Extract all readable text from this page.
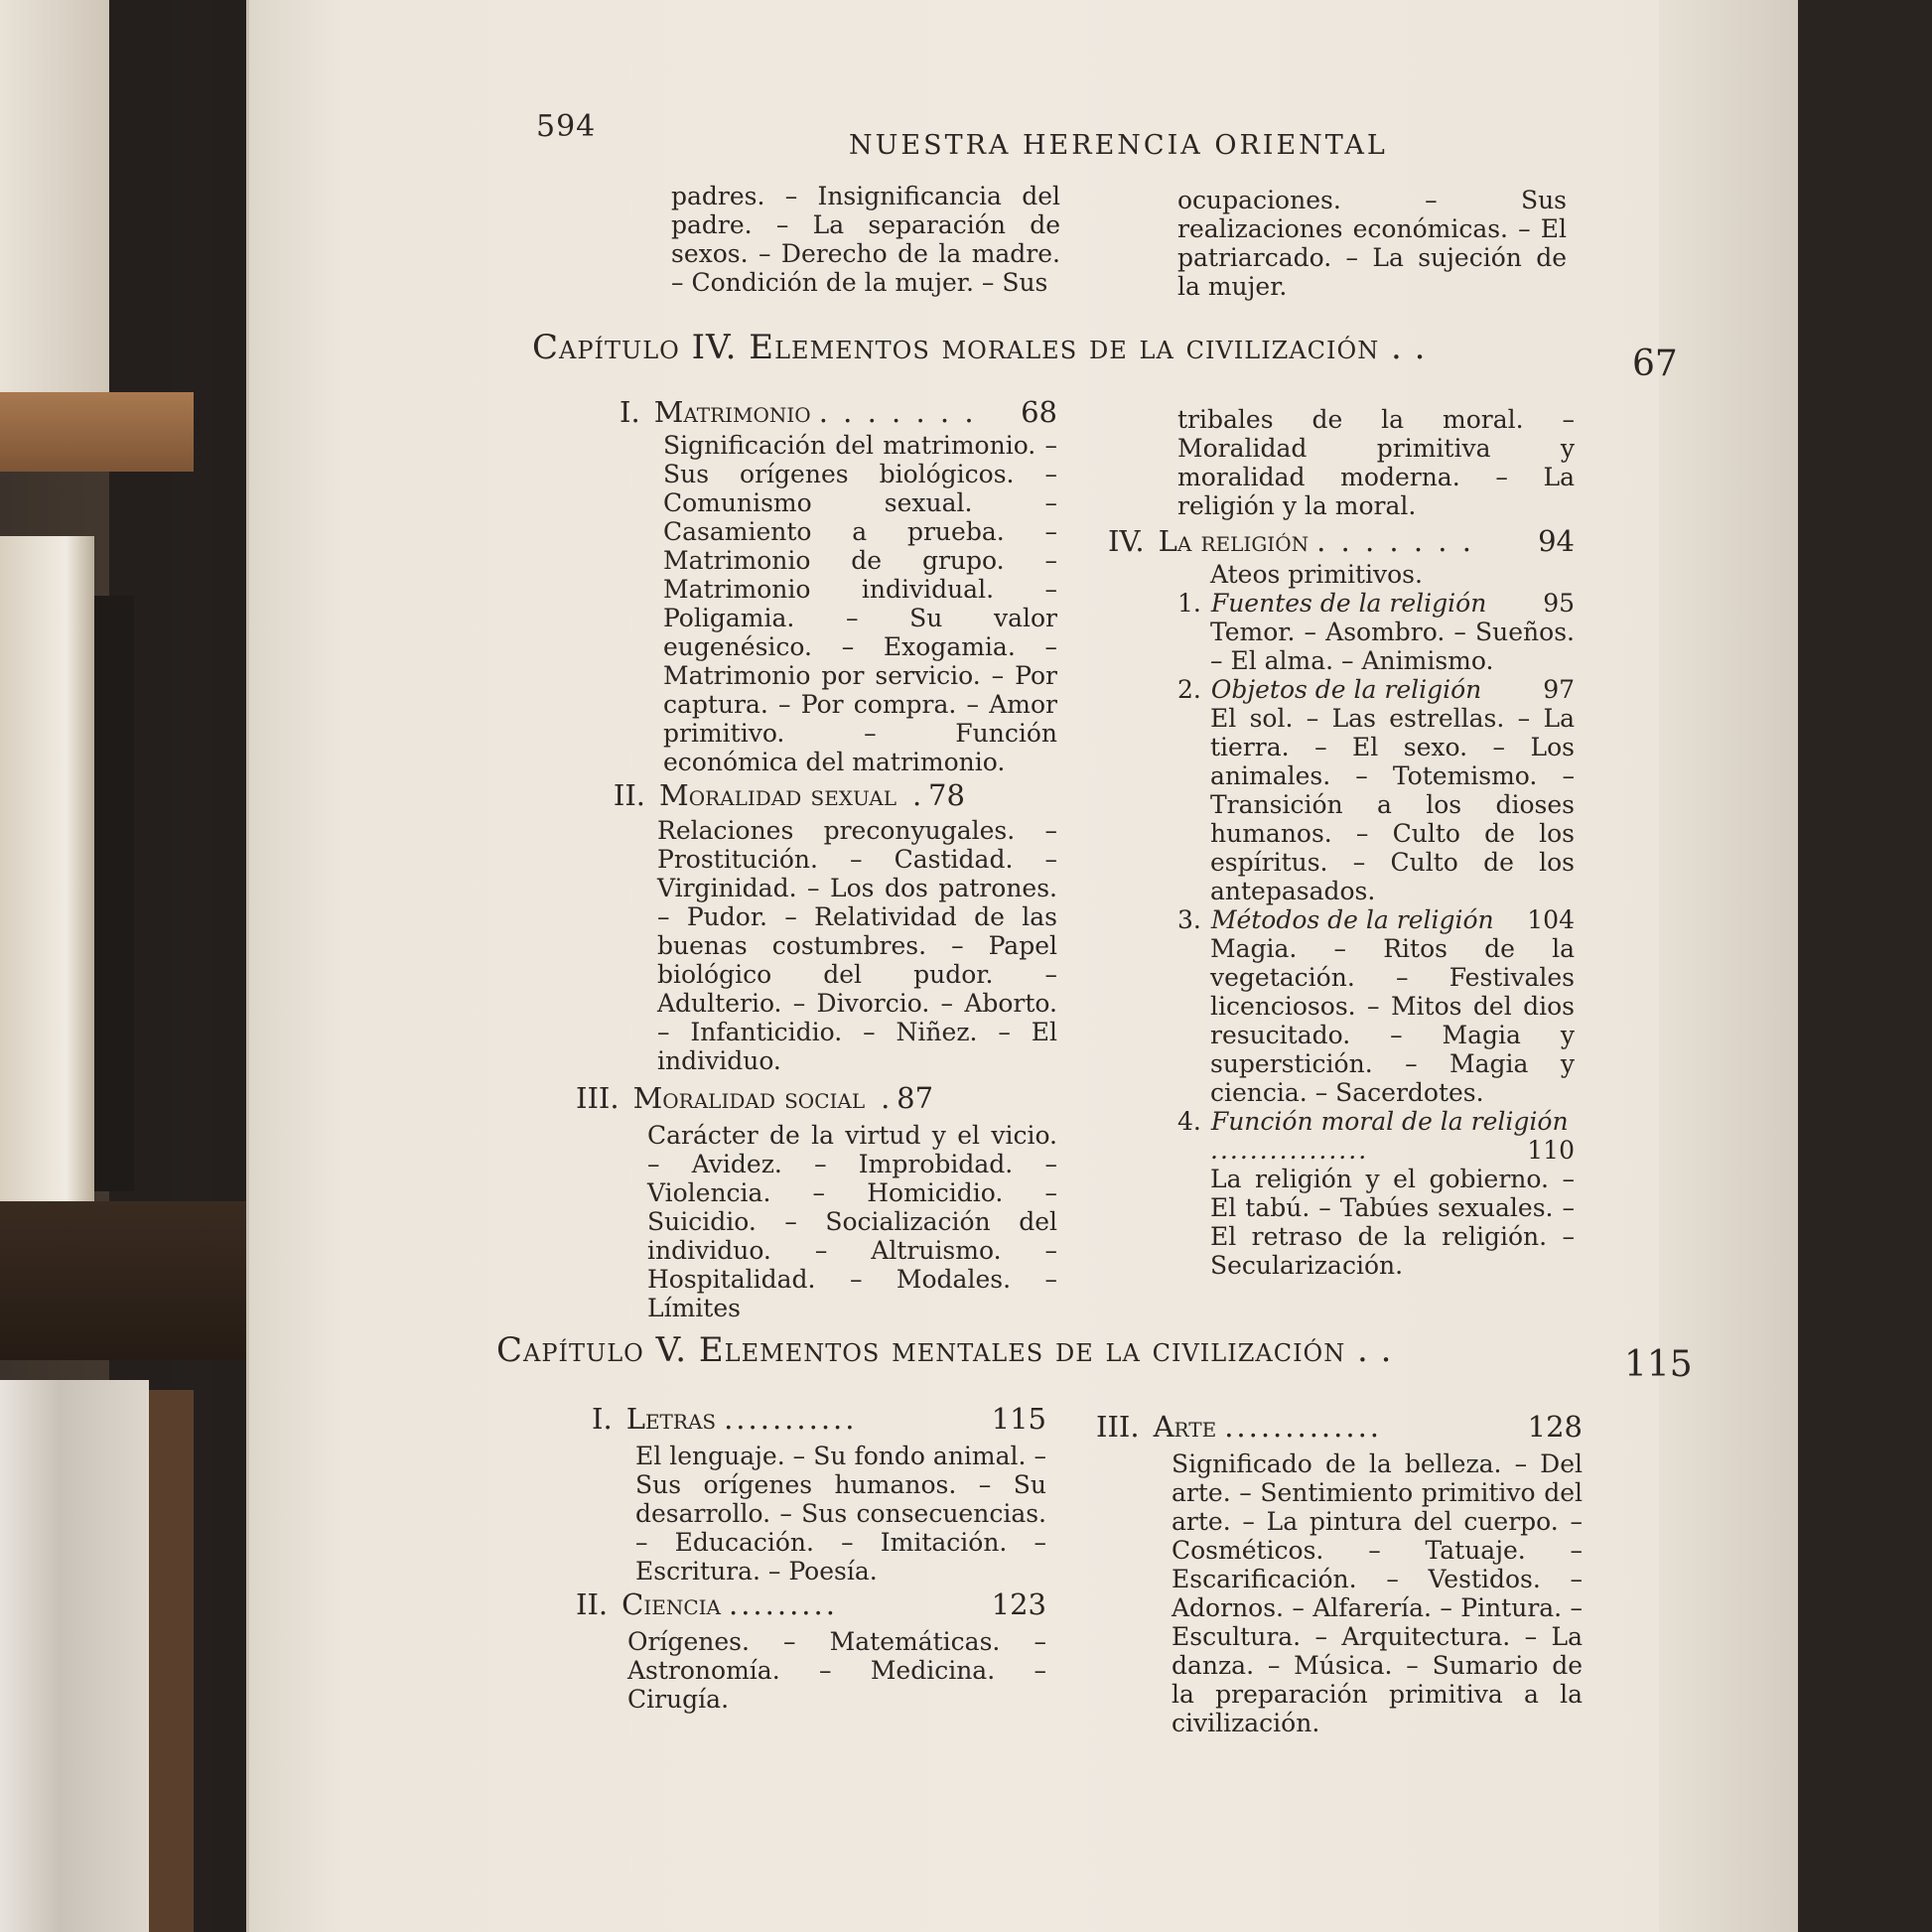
594
NUESTRA HERENCIA ORIENTAL

padres. – Insignificancia del padre. – La separación de sexos. – Derecho de la madre. – Condición de la mujer. – Sus

ocupaciones. – Sus realizaciones económicas. – El patriarcado. – La sujeción de la mujer.

Capítulo IV. Elementos morales de la civilización . .	67
I. Matrimonio . . . . . . .	68

Significación del matrimonio. – Sus orígenes biológicos. – Comunismo sexual. – Casamiento a prueba. – Matrimonio de grupo. – Matrimonio individual. – Poligamia. – Su valor eugenésico. – Exogamia. – Matrimonio por servicio. – Por captura. – Por compra. – Amor primitivo. – Función económica del matrimonio.

II. Moralidad sexual . 78

Relaciones preconyugales. – Prostitución. – Castidad. – Virginidad. – Los dos patrones. – Pudor. – Relatividad de las buenas costumbres. – Papel biológico del pudor. – Adulterio. – Divorcio. – Aborto. – Infanticidio. – Niñez. – El individuo.

III. Moralidad social . 87

Carácter de la virtud y el vicio. – Avidez. – Improbidad. – Violencia. – Homicidio. – Suicidio. – Socialización del individuo. – Altruismo. – Hospitalidad. – Modales. – Límites

tribales de la moral. – Moralidad primitiva y moralidad moderna. – La religión y la moral.

IV. La religión . . . . . . .	94

Ateos primitivos.

1. Fuentes de la religión	95

Temor. – Asombro. – Sueños. – El alma. – Animismo.

2. Objetos de la religión	97

El sol. – Las estrellas. – La tierra. – El sexo. – Los animales. – Totemismo. – Transición a los dioses humanos. – Culto de los espíritus. – Culto de los antepasados.

3. Métodos de la religión	104

Magia. – Ritos de la vegetación. – Festivales licenciosos. – Mitos del dios resucitado. – Magia y superstición. – Magia y ciencia. – Sacerdotes.

4. Función moral de la religión
................	110

La religión y el gobierno. – El tabú. – Tabúes sexuales. – El retraso de la religión. – Secularización.

Capítulo V. Elementos mentales de la civilización . .	115
I. Letras ...........	115

El lenguaje. – Su fondo animal. – Sus orígenes humanos. – Su desarrollo. – Sus consecuencias. – Educación. – Imitación. – Escritura. – Poesía.

II. Ciencia .........	123

Orígenes. – Matemáticas. – Astronomía. – Medicina. – Cirugía.

III. Arte .............	128

Significado de la belleza. – Del arte. – Sentimiento primitivo del arte. – La pintura del cuerpo. – Cosméticos. – Tatuaje. – Escarificación. – Vestidos. – Adornos. – Alfarería. – Pintura. – Escultura. – Arquitectura. – La danza. – Música. – Sumario de la preparación primitiva a la civilización.
